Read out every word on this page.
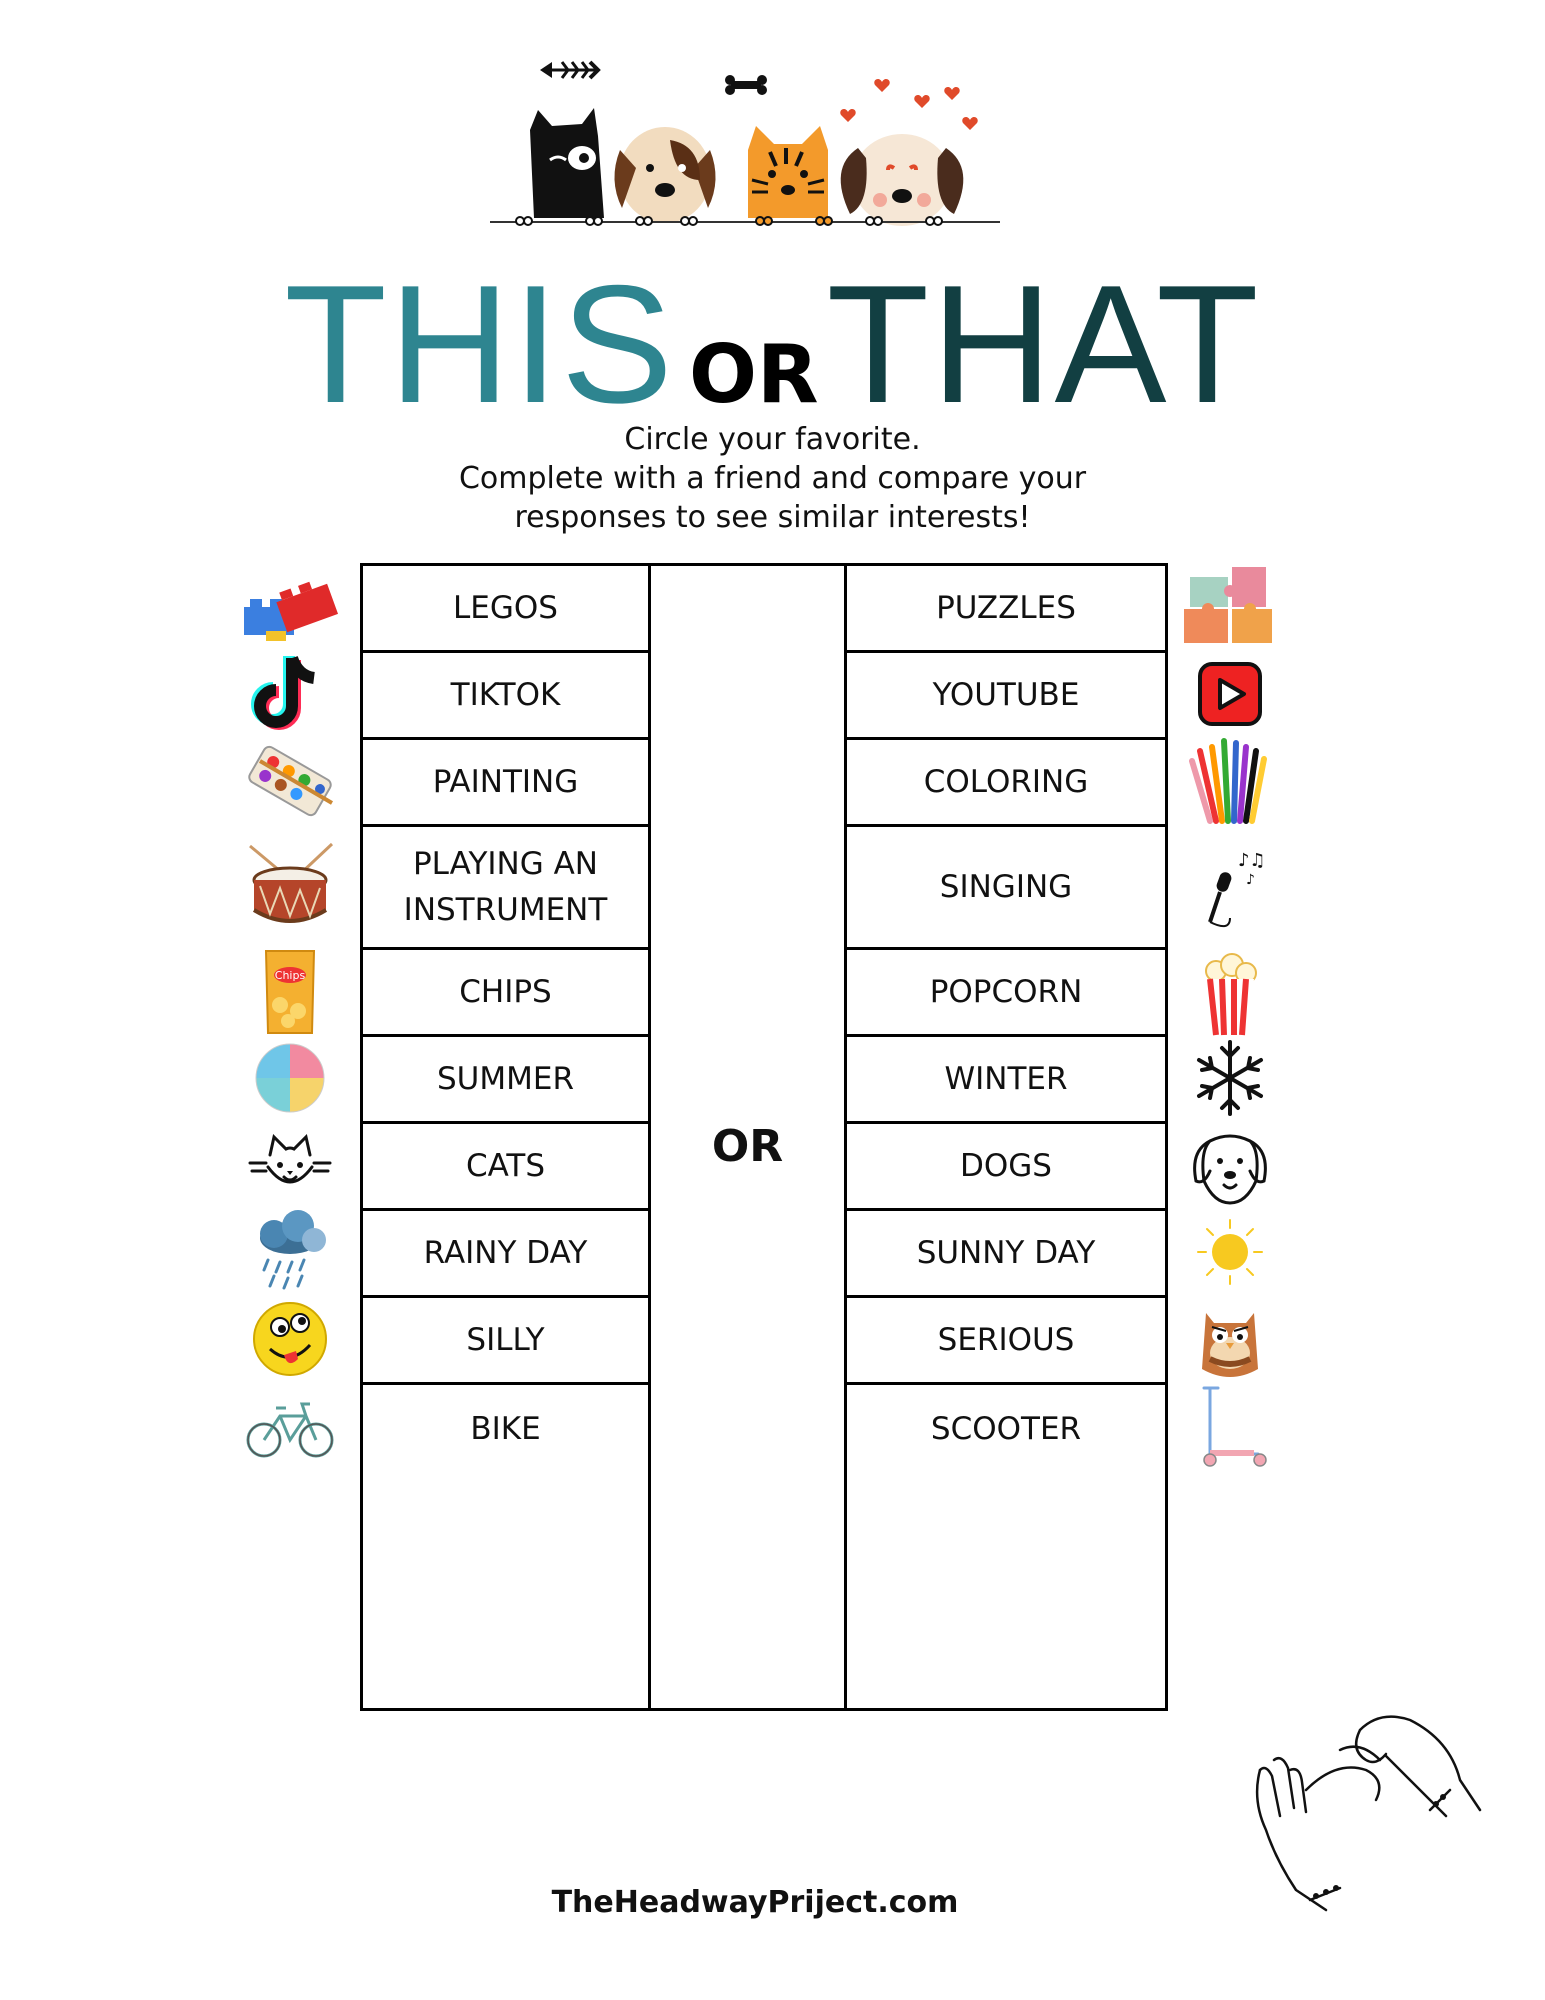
THIS ORTHAT
Circle your favorite.
Complete with a friend and compare your
responses to see similar interests!
LEGOS
TIKTOK
PAINTING
PLAYING AN
INSTRUMENT
CHIPS
SUMMER
CATS
RAINY DAY
SILLY
BIKE
OR
PUZZLES
YOUTUBE
COLORING
SINGING
POPCORN
WINTER
DOGS
SUNNY DAY
SERIOUS
SCOOTER
Chips
♪♫
♪
TheHeadwayPriject.com
